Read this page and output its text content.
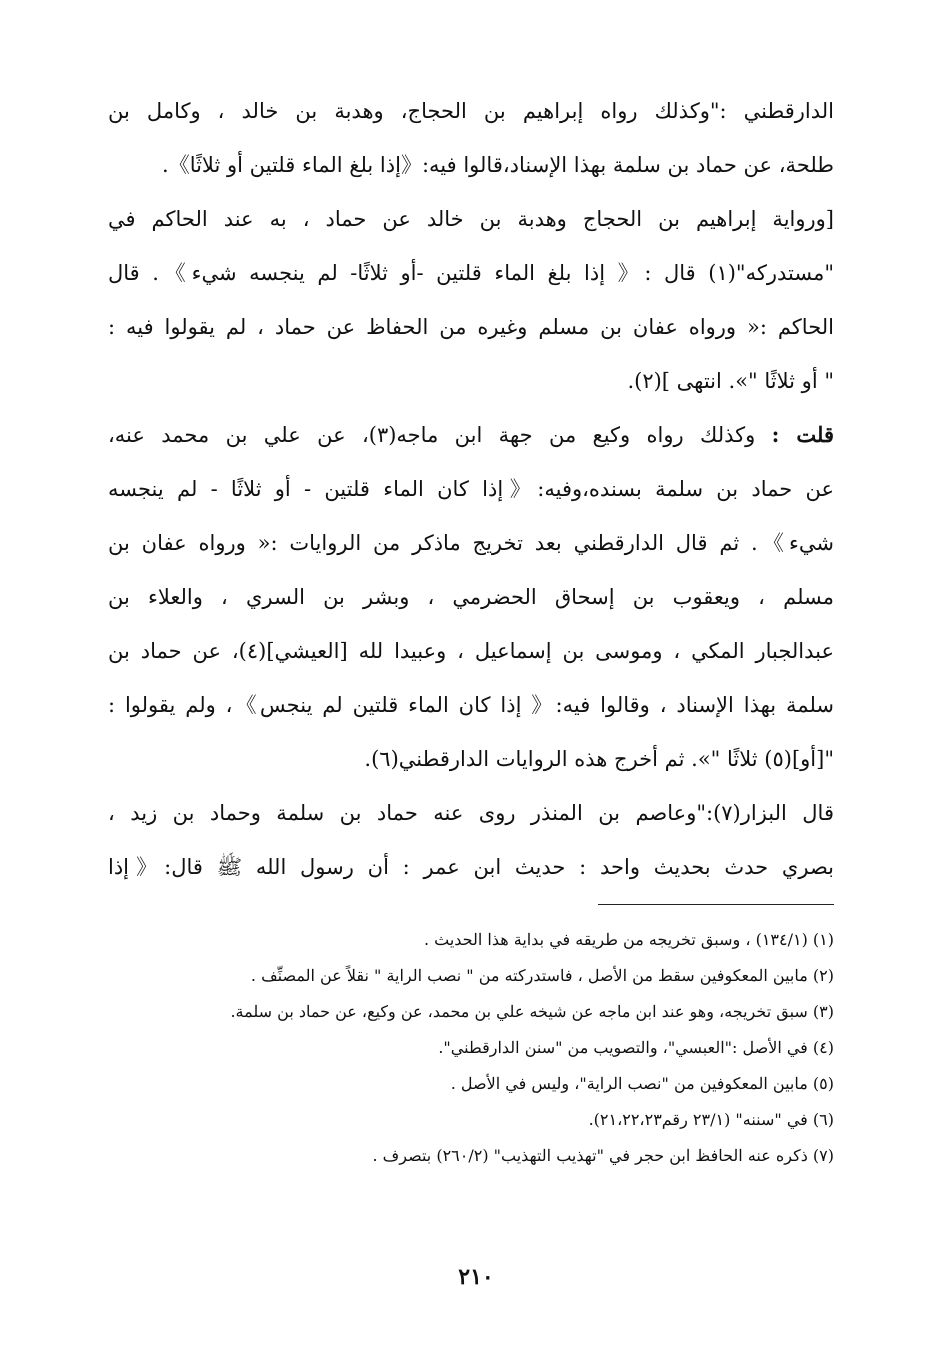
الدارقطني :"وكذلك رواه إبراهيم بن الحجاج، وهدبة بن خالد ، وكامل بن
طلحة، عن حماد بن سلمة بهذا الإسناد،قالوا فيه:《إذا بلغ الماء قلتين أو ثلاثًا》.
[ورواية إبراهيم بن الحجاج وهدبة بن خالد عن حماد ، به عند الحاكم في
"مستدركه"(١) قال :《 إذا بلغ الماء قلتين -أو ثلاثًا- لم ينجسه شيء》. قال
الحاكم :« ورواه عفان بن مسلم وغيره من الحفاظ عن حماد ، لم يقولوا فيه :
" أو ثلاثًا "». انتهى ](٢).
قلت : وكذلك رواه وكيع من جهة ابن ماجه(٣)، عن علي بن محمد عنه،
عن حماد بن سلمة بسنده،وفيه:《إذا كان الماء قلتين - أو ثلاثًا - لم ينجسه
شيء》. ثم قال الدارقطني بعد تخريج ماذكر من الروايات :« ورواه عفان بن
مسلم ، ويعقوب بن إسحاق الحضرمي ، وبشر بن السري ، والعلاء بن
عبدالجبار المكي ، وموسى بن إسماعيل ، وعبيدا لله [العيشي](٤)، عن حماد بن
سلمة بهذا الإسناد ، وقالوا فيه:《 إذا كان الماء قلتين لم ينجس》، ولم يقولوا :
"[أو](٥) ثلاثًا "». ثم أخرج هذه الروايات الدارقطني(٦).
قال البزار(٧):"وعاصم بن المنذر روى عنه حماد بن سلمة وحماد بن زيد ،
بصري حدث بحديث واحد : حديث ابن عمر : أن رسول الله ﷺ قال:《إذا
(١) (١٣٤/١) ، وسبق تخريجه من طريقه في بداية هذا الحديث .
(٢) مابين المعكوفين سقط من الأصل ، فاستدركته من " نصب الراية " نقلاً عن المصنِّف .
(٣) سبق تخريجه، وهو عند ابن ماجه عن شيخه علي بن محمد، عن وكيع، عن حماد بن سلمة.
(٤) في الأصل :"العبسي"، والتصويب من "سنن الدارقطني".
(٥) مابين المعكوفين من "نصب الراية"، وليس في الأصل .
(٦) في "سننه" (٢٣/١ رقم٢١،٢٢،٢٣).
(٧) ذكره عنه الحافظ ابن حجر في "تهذيب التهذيب" (٢٦٠/٢) بتصرف .
٢١٠
